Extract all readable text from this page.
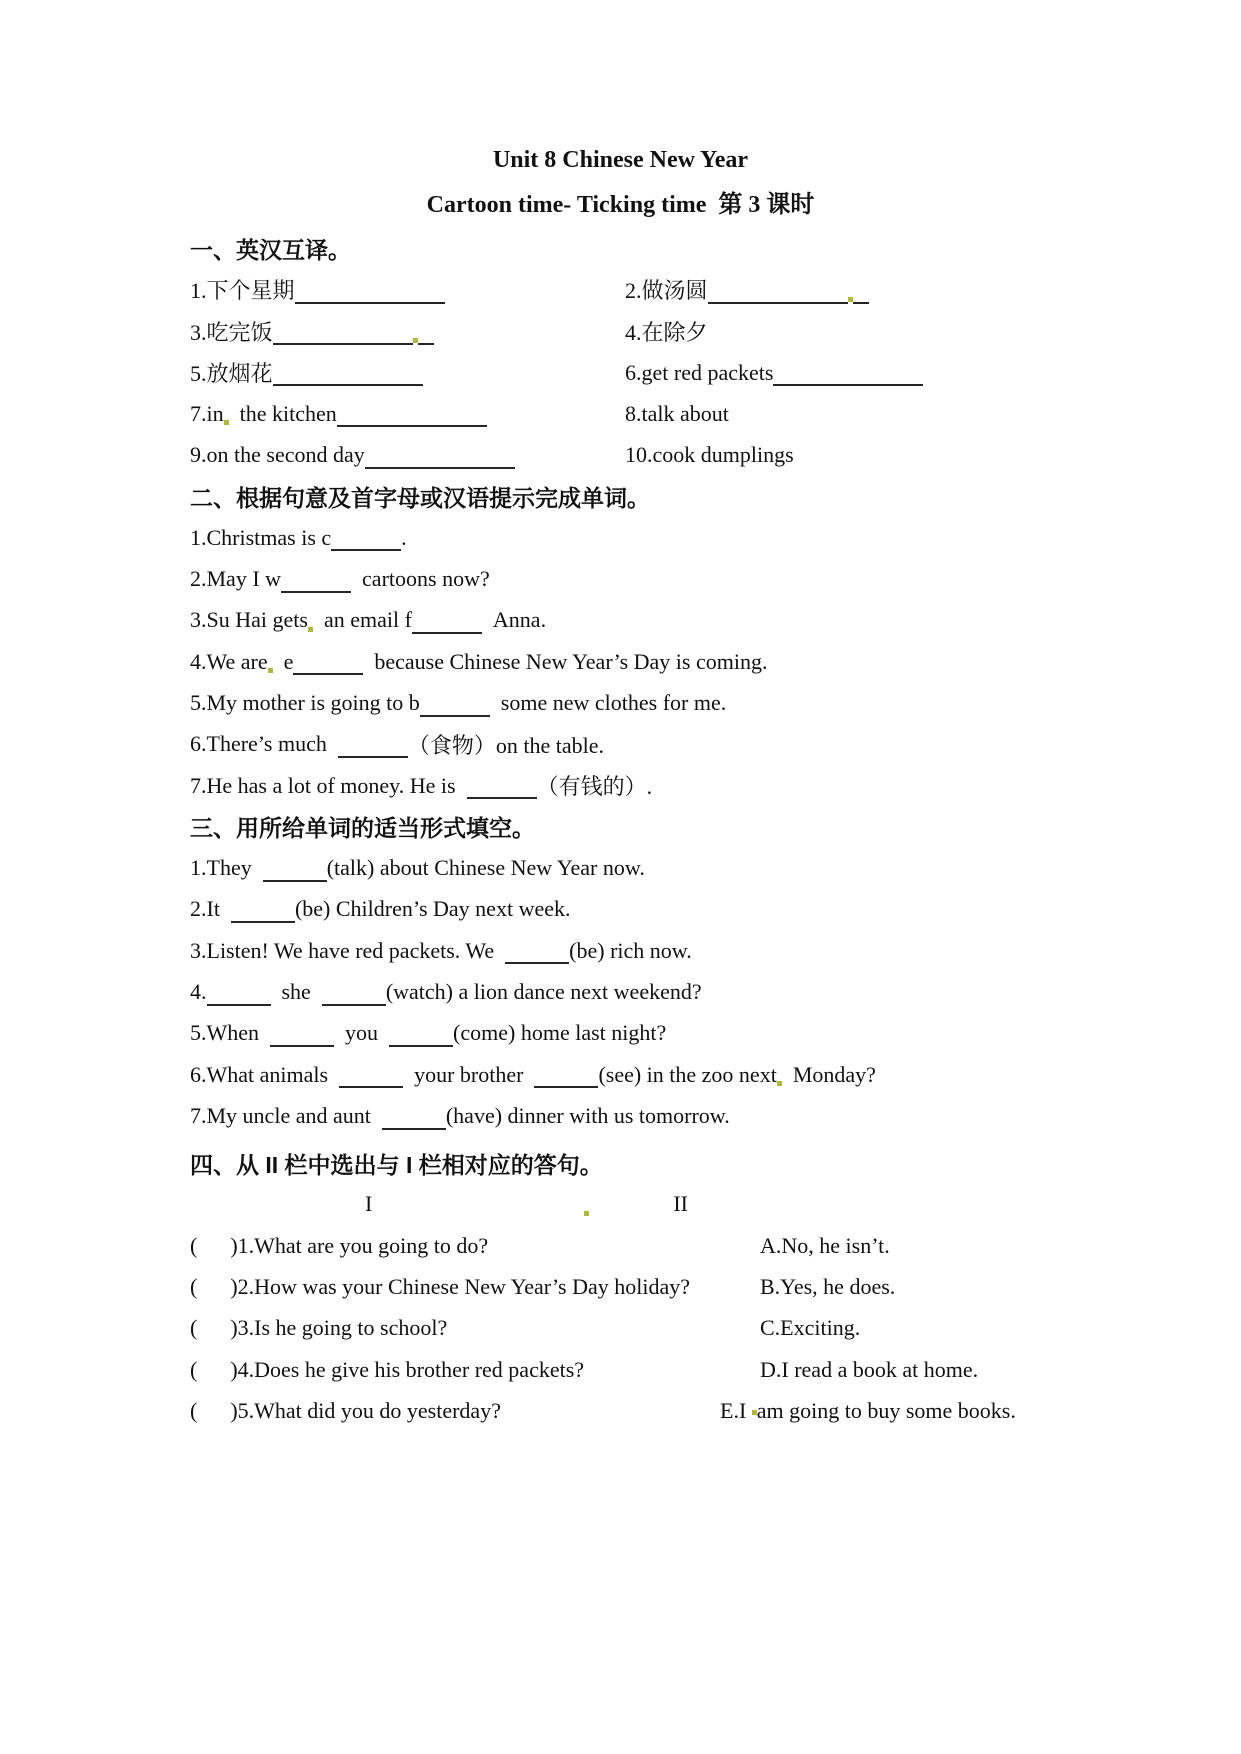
Unit 8 Chinese New Year
Cartoon time- Ticking time  第 3 课时
一、英汉互译。
1.下个星期	2.做汤圆
3.吃完饭	4.在除夕
5.放烟花	6.get red packets
7.in the kitchen	8.talk about
9.on the second day	10.cook dumplings
二、根据句意及首字母或汉语提示完成单词。
1.Christmas is c	.
2.May I w	cartoons now?
3.Su Hai gets an email f	Anna.
4.We are e	because Chinese New Year’s Day is coming.
5.My mother is going to b	some new clothes for me.
6.There’s much	（食物）on the table.
7.He has a lot of money. He is	（有钱的）.
三、用所给单词的适当形式填空。
1.They	(talk) about Chinese New Year now.
2.It	(be) Children’s Day next week.
3.Listen! We have red packets. We	(be) rich now.
4.	she	(watch) a lion dance next weekend?
5.When	you	(come) home last night?
6.What animals	your brother	(see) in the zoo next Monday?
7.My uncle and aunt	(have) dinner with us tomorrow.
四、从 II 栏中选出与 I 栏相对应的答句。
I	II
(      )1.What are you going to do?	A.No, he isn’t.
(      )2.How was your Chinese New Year’s Day holiday?	B.Yes, he does.
(      )3.Is he going to school?	C.Exciting.
(      )4.Does he give his brother red packets?	D.I read a book at home.
(      )5.What did you do yesterday?	E.I am going to buy some books.
